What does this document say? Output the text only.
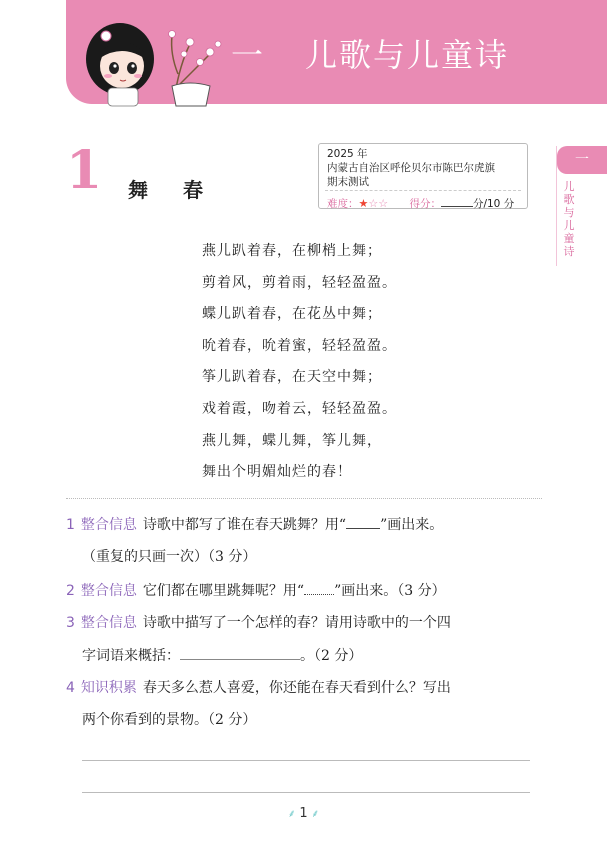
一 儿歌与儿童诗
一
儿歌与儿童诗
1 舞 春
2025 年
内蒙古自治区呼伦贝尔市陈巴尔虎旗
期末测试
难度：★☆☆ 得分：	分/10 分
燕儿趴着春，在柳梢上舞；
剪着风，剪着雨，轻轻盈盈。
蝶儿趴着春，在花丛中舞；
吮着春，吮着蜜，轻轻盈盈。
筝儿趴着春，在天空中舞；
戏着霞，吻着云，轻轻盈盈。
燕儿舞，蝶儿舞，筝儿舞，
舞出个明媚灿烂的春！
1 整合信息 诗歌中都写了谁在春天跳舞？用“ ”画出来。
（重复的只画一次）（3 分）
2 整合信息 它们都在哪里跳舞呢？用“ ”画出来。（3 分）
3 整合信息 诗歌中描写了一个怎样的春？请用诗歌中的一个四
字词语来概括：	。（2 分）
4 知识积累 春天多么惹人喜爱，你还能在春天看到什么？写出
两个你看到的景物。（2 分）
⸙ 1 ⸙
